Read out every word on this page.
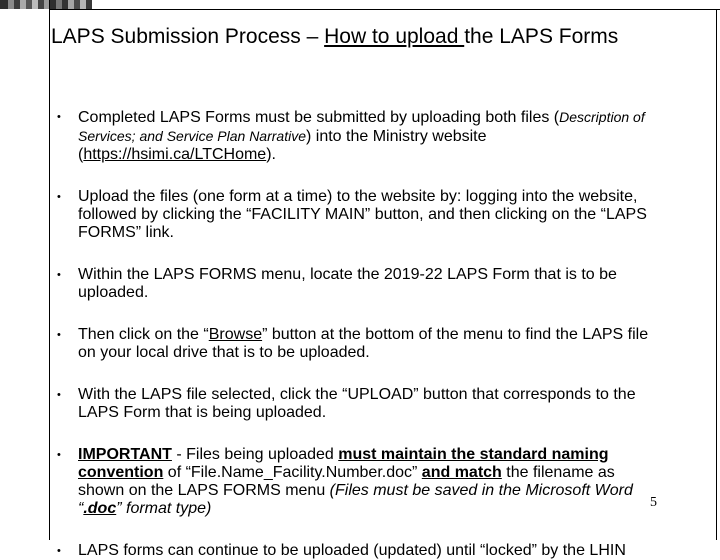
LAPS Submission Process – How to upload the LAPS Forms
• Completed LAPS Forms must be submitted by uploading both files (Description of Services; and Service Plan Narrative) into the Ministry website (https://hsimi.ca/LTCHome).
• Upload the files (one form at a time) to the website by: logging into the website, followed by clicking the “FACILITY MAIN” button, and then clicking on the “LAPS FORMS” link.
• Within the LAPS FORMS menu, locate the 2019-22 LAPS Form that is to be uploaded.
• Then click on the “Browse” button at the bottom of the menu to find the LAPS file on your local drive that is to be uploaded.
• With the LAPS file selected, click the “UPLOAD” button that corresponds to the LAPS Form that is being uploaded.
• IMPORTANT - Files being uploaded must maintain the standard naming convention of “File.Name_Facility.Number.doc” and match the filename as shown on the LAPS FORMS menu (Files must be saved in the Microsoft Word “.doc” format type)
• LAPS forms can continue to be uploaded (updated) until “locked” by the LHIN
5
